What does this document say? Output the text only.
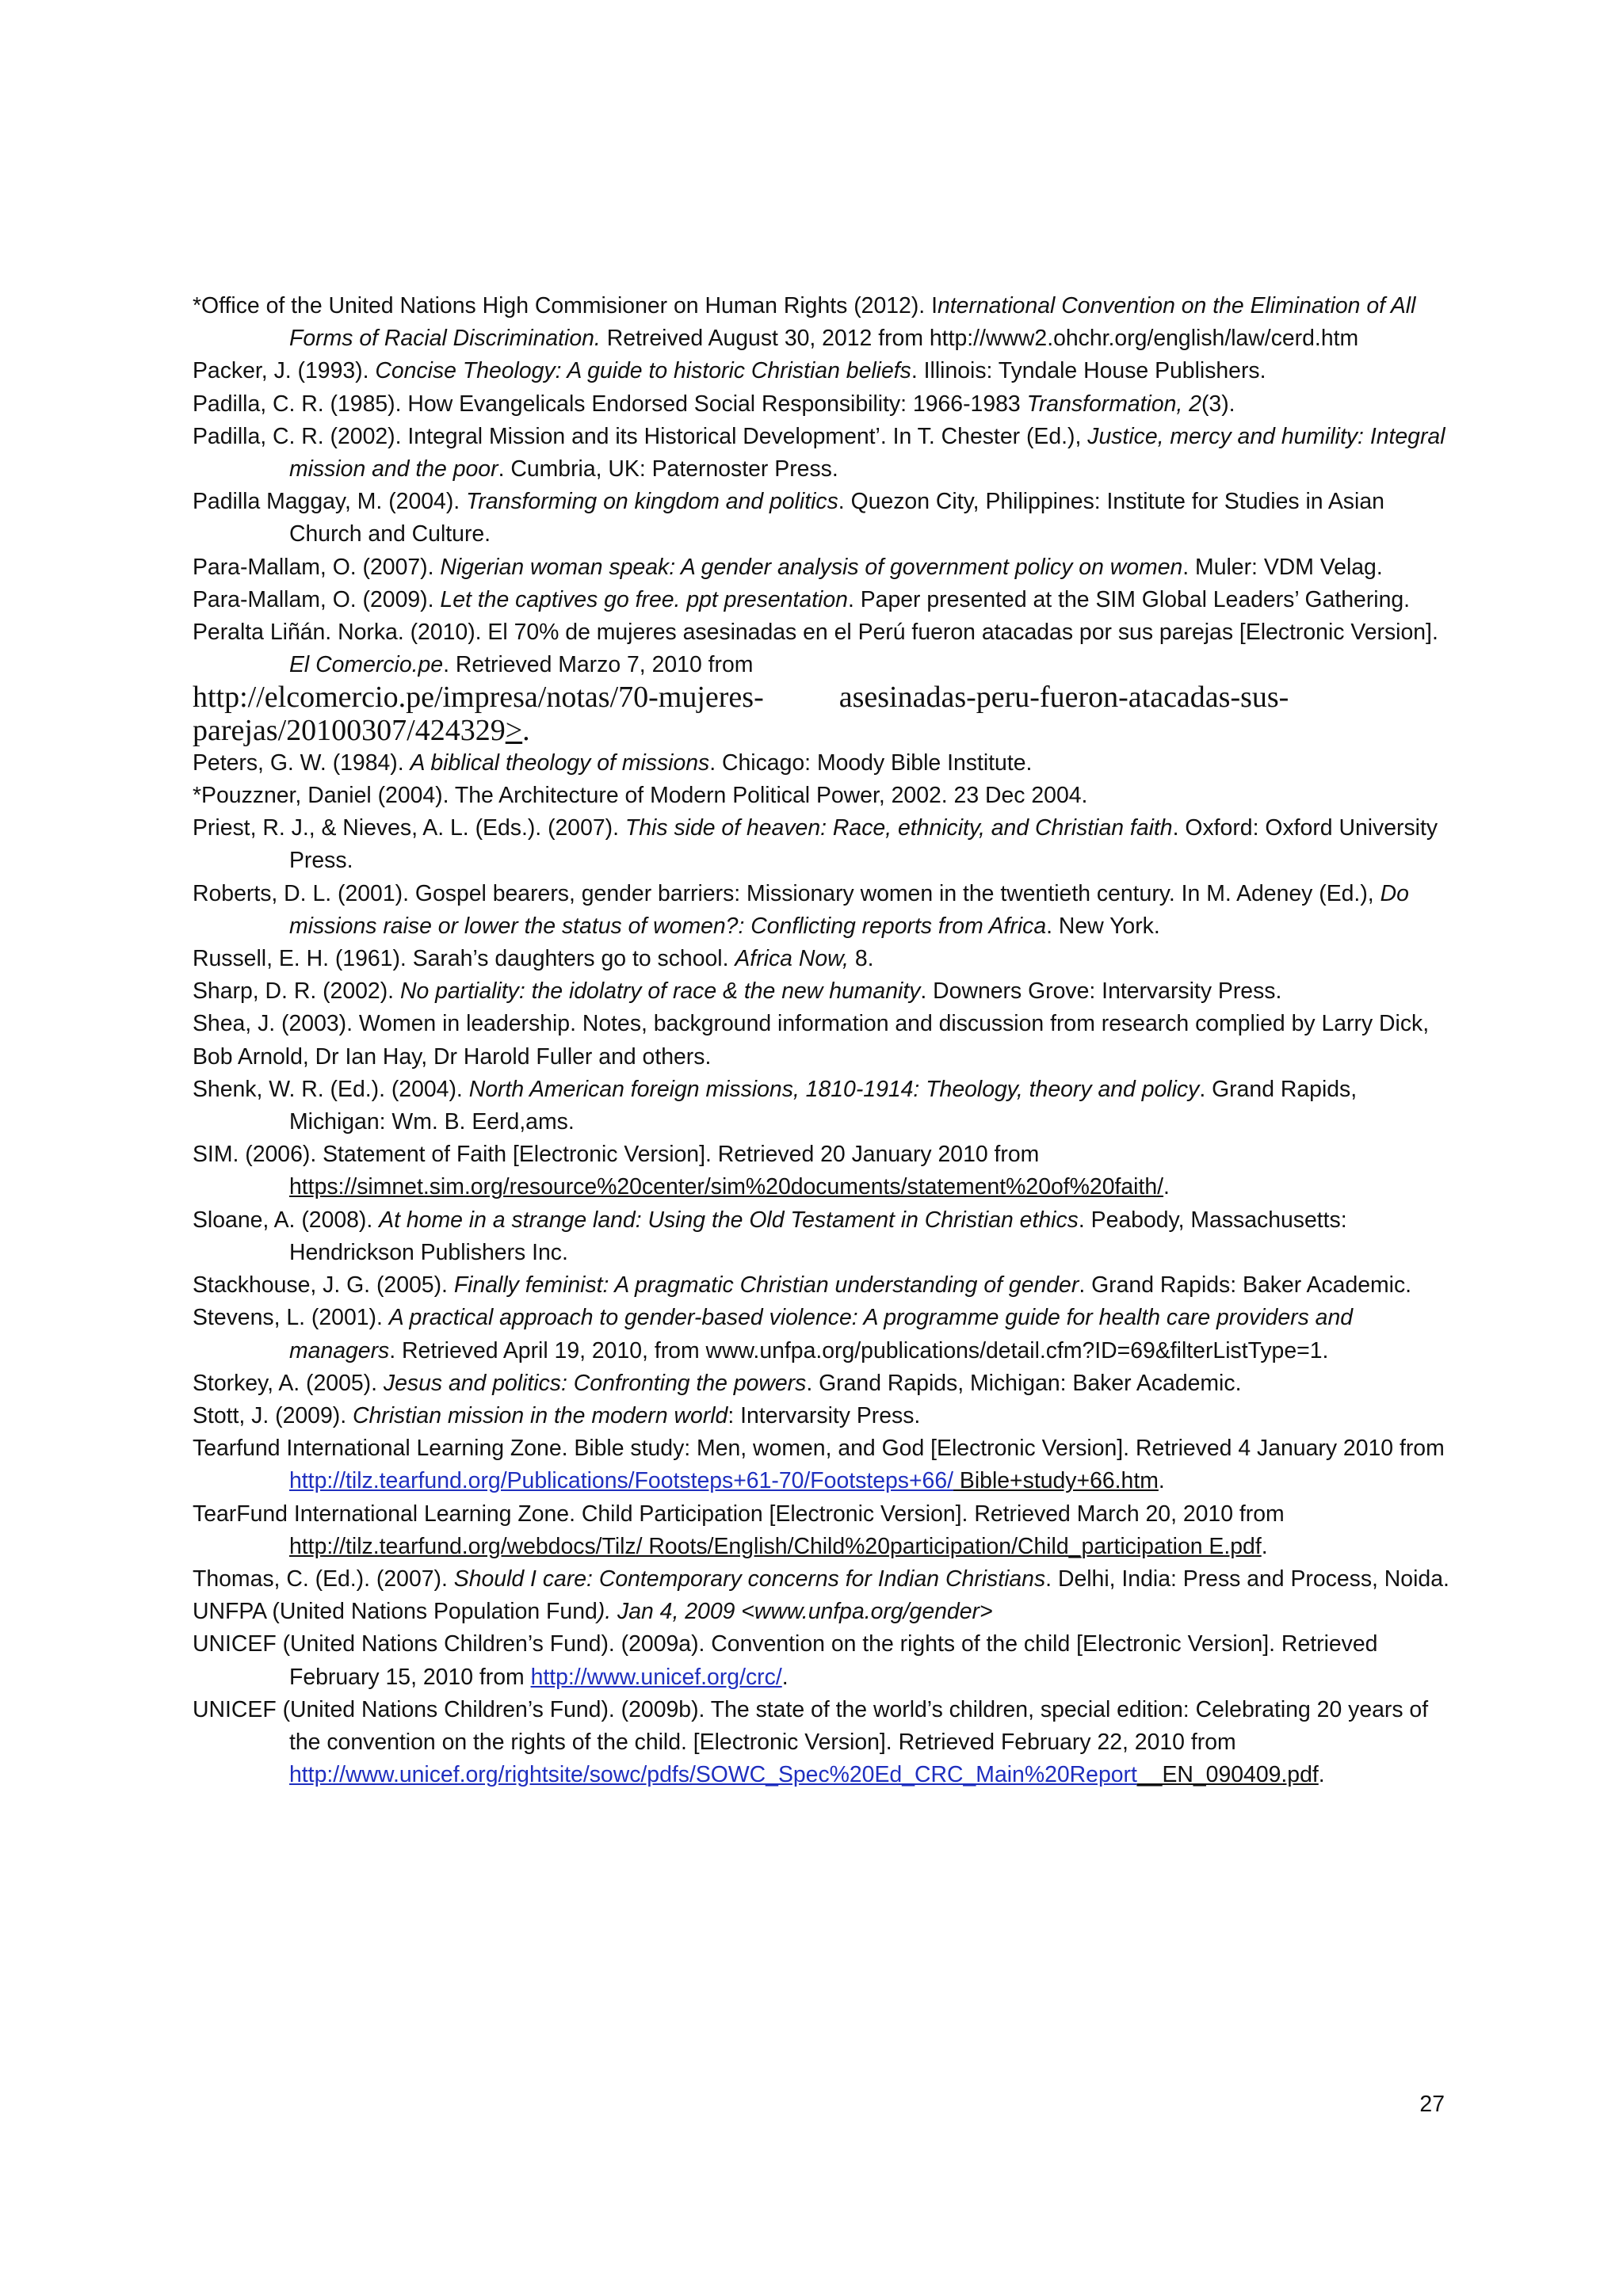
*Office of the United Nations High Commisioner on Human Rights (2012). International Convention on the Elimination of All Forms of Racial Discrimination. Retreived August 30, 2012 from http://www2.ohchr.org/english/law/cerd.htm

Packer, J. (1993). Concise Theology: A guide to historic Christian beliefs. Illinois: Tyndale House Publishers.

Padilla, C. R. (1985). How Evangelicals Endorsed Social Responsibility: 1966-1983 Transformation, 2(3).

Padilla, C. R. (2002). Integral Mission and its Historical Development’. In T. Chester (Ed.), Justice, mercy and humility: Integral mission and the poor. Cumbria, UK: Paternoster Press.

Padilla Maggay, M. (2004). Transforming on kingdom and politics. Quezon City, Philippines: Institute for Studies in Asian Church and Culture.

Para-Mallam, O. (2007). Nigerian woman speak: A gender analysis of government policy on women. Muler: VDM Velag.

Para-Mallam, O. (2009). Let the captives go free. ppt presentation. Paper presented at the SIM Global Leaders’ Gathering.

Peralta Liñán. Norka. (2010). El 70% de mujeres asesinadas en el Perú fueron atacadas por sus parejas [Electronic Version]. El Comercio.pe. Retrieved Marzo 7, 2010 from

http://elcomercio.pe/impresa/notas/70-mujeres-	asesinadas-peru-fueron-atacadas-sus-parejas/20100307/424329>.

Peters, G. W. (1984). A biblical theology of missions. Chicago: Moody Bible Institute.

*Pouzzner, Daniel (2004). The Architecture of Modern Political Power, 2002. 23 Dec 2004.

Priest, R. J., & Nieves, A. L. (Eds.). (2007). This side of heaven: Race, ethnicity, and Christian faith. Oxford: Oxford University Press.

Roberts, D. L. (2001). Gospel bearers, gender barriers: Missionary women in the twentieth century. In M. Adeney (Ed.), Do missions raise or lower the status of women?: Conflicting reports from Africa. New York.

Russell, E. H. (1961). Sarah’s daughters go to school. Africa Now, 8.

Sharp, D. R. (2002). No partiality: the idolatry of race & the new humanity. Downers Grove: Intervarsity Press.

Shea, J. (2003). Women in leadership. Notes, background information and discussion from research complied by Larry Dick, Bob Arnold, Dr Ian Hay, Dr Harold Fuller and others.

Shenk, W. R. (Ed.). (2004). North American foreign missions, 1810-1914: Theology, theory and policy. Grand Rapids, Michigan: Wm. B. Eerd,ams.

SIM. (2006). Statement of Faith [Electronic Version]. Retrieved 20 January 2010 from https://simnet.sim.org/resource%20center/sim%20documents/statement%20of%20faith/.

Sloane, A. (2008). At home in a strange land: Using the Old Testament in Christian ethics. Peabody, Massachusetts: Hendrickson Publishers Inc.

Stackhouse, J. G. (2005). Finally feminist: A pragmatic Christian understanding of gender. Grand Rapids: Baker Academic.

Stevens, L. (2001). A practical approach to gender-based violence: A programme guide for health care providers and managers. Retrieved April 19, 2010, from www.unfpa.org/publications/detail.cfm?ID=69&filterListType=1.

Storkey, A. (2005). Jesus and politics: Confronting the powers. Grand Rapids, Michigan: Baker Academic.

Stott, J. (2009). Christian mission in the modern world: Intervarsity Press.

Tearfund International Learning Zone. Bible study: Men, women, and God [Electronic Version]. Retrieved 4 January 2010 from http://tilz.tearfund.org/Publications/Footsteps+61-70/Footsteps+66/ Bible+study+66.htm.

TearFund International Learning Zone. Child Participation [Electronic Version]. Retrieved March 20, 2010 from http://tilz.tearfund.org/webdocs/Tilz/ Roots/English/Child%20participation/Child_participation E.pdf.

Thomas, C. (Ed.). (2007). Should I care: Contemporary concerns for Indian Christians. Delhi, India: Press and Process, Noida.

UNFPA (United Nations Population Fund). Jan 4, 2009 <www.unfpa.org/gender>

UNICEF (United Nations Children’s Fund). (2009a). Convention on the rights of the child [Electronic Version]. Retrieved February 15, 2010 from http://www.unicef.org/crc/.

UNICEF (United Nations Children’s Fund). (2009b). The state of the world’s children, special edition: Celebrating 20 years of the convention on the rights of the child. [Electronic Version]. Retrieved February 22, 2010 from http://www.unicef.org/rightsite/sowc/pdfs/SOWC_Spec%20Ed_CRC_Main%20Report__EN_090409.pdf.

27
